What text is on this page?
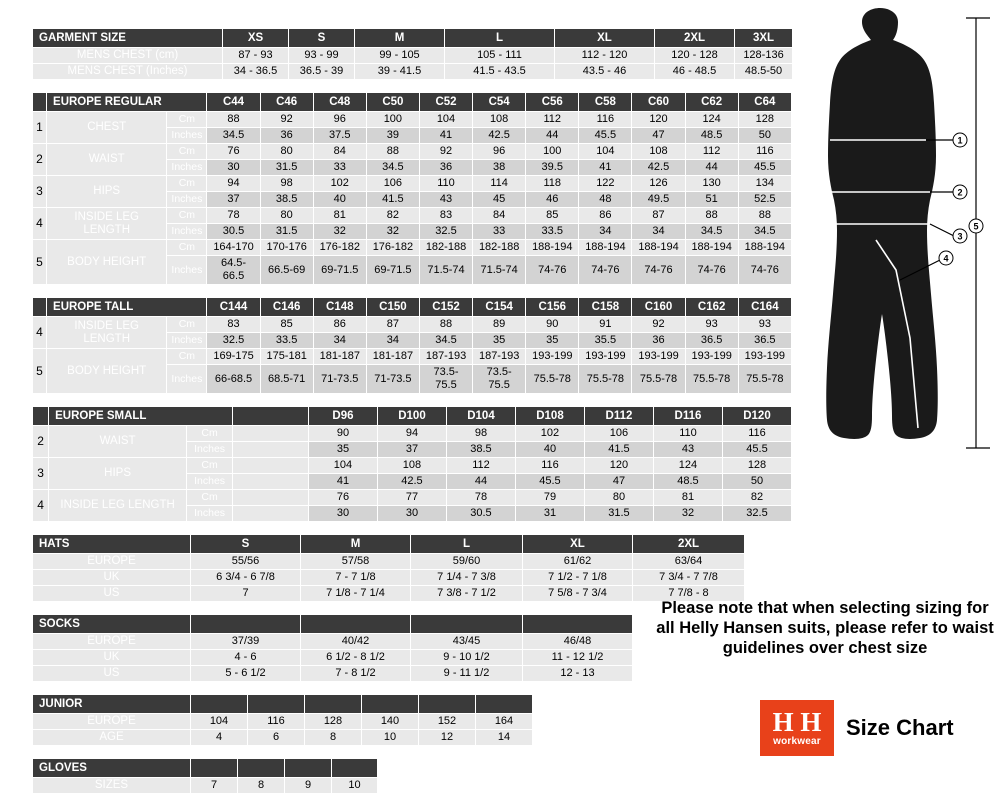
GARMENT SIZE	XS	S	M	L	XL	2XL	3XL
MENS CHEST (cm)	87 - 93	93 - 99	99 - 105	105 - 111	112 - 120	120 - 128	128-136
MENS CHEST (Inches)	34 - 36.5	36.5 - 39	39 - 41.5	41.5 - 43.5	43.5 - 46	46 - 48.5	48.5-50
	EUROPE REGULAR		C44	C46	C48	C50	C52	C54	C56	C58	C60	C62	C64
1	CHEST	Cm	88	92	96	100	104	108	112	116	120	124	128
		Inches	34.5	36	37.5	39	41	42.5	44	45.5	47	48.5	50
2	WAIST	Cm	76	80	84	88	92	96	100	104	108	112	116
		Inches	30	31.5	33	34.5	36	38	39.5	41	42.5	44	45.5
3	HIPS	Cm	94	98	102	106	110	114	118	122	126	130	134
		Inches	37	38.5	40	41.5	43	45	46	48	49.5	51	52.5
4	INSIDE LEG LENGTH	Cm	78	80	81	82	83	84	85	86	87	88	88
		Inches	30.5	31.5	32	32	32.5	33	33.5	34	34	34.5	34.5
5	BODY HEIGHT	Cm	164-170	170-176	176-182	176-182	182-188	182-188	188-194	188-194	188-194	188-194	188-194
		Inches	64.5-66.5	66.5-69	69-71.5	69-71.5	71.5-74	71.5-74	74-76	74-76	74-76	74-76	74-76
	EUROPE TALL		C144	C146	C148	C150	C152	C154	C156	C158	C160	C162	C164
4	INSIDE LEG LENGTH	Cm	83	85	86	87	88	89	90	91	92	93	93
		Inches	32.5	33.5	34	34	34.5	35	35	35.5	36	36.5	36.5
5	BODY HEIGHT	Cm	169-175	175-181	181-187	181-187	187-193	187-193	193-199	193-199	193-199	193-199	193-199
		Inches	66-68.5	68.5-71	71-73.5	71-73.5	73.5-75.5	73.5-75.5	75.5-78	75.5-78	75.5-78	75.5-78	75.5-78
	EUROPE SMALL			D96	D100	D104	D108	D112	D116	D120
2	WAIST	Cm		90	94	98	102	106	110	116
		Inches		35	37	38.5	40	41.5	43	45.5
3	HIPS	Cm		104	108	112	116	120	124	128
		Inches		41	42.5	44	45.5	47	48.5	50
4	INSIDE LEG LENGTH	Cm		76	77	78	79	80	81	82
		Inches		30	30	30.5	31	31.5	32	32.5
HATS	S	M	L	XL	2XL
EUROPE	55/56	57/58	59/60	61/62	63/64
UK	6 3/4 - 6 7/8	7 - 7 1/8	7 1/4 - 7 3/8	7 1/2 - 7 1/8	7 3/4 - 7 7/8
US	7	7 1/8 - 7 1/4	7 3/8 - 7 1/2	7 5/8 - 7 3/4	7 7/8 - 8
SOCKS				
EUROPE	37/39	40/42	43/45	46/48
UK	4 - 6	6 1/2 - 8 1/2	9 - 10 1/2	11 - 12 1/2
US	5 - 6 1/2	7 - 8 1/2	9 - 11 1/2	12 - 13
JUNIOR						
EUROPE	104	116	128	140	152	164
AGE	4	6	8	10	12	14
GLOVES				
SIZES	7	8	9	10
1
2
3
4
5
Please note that when selecting sizing for all Helly Hansen suits, please refer to waist guidelines over chest size
H H
workwear
Size Chart
